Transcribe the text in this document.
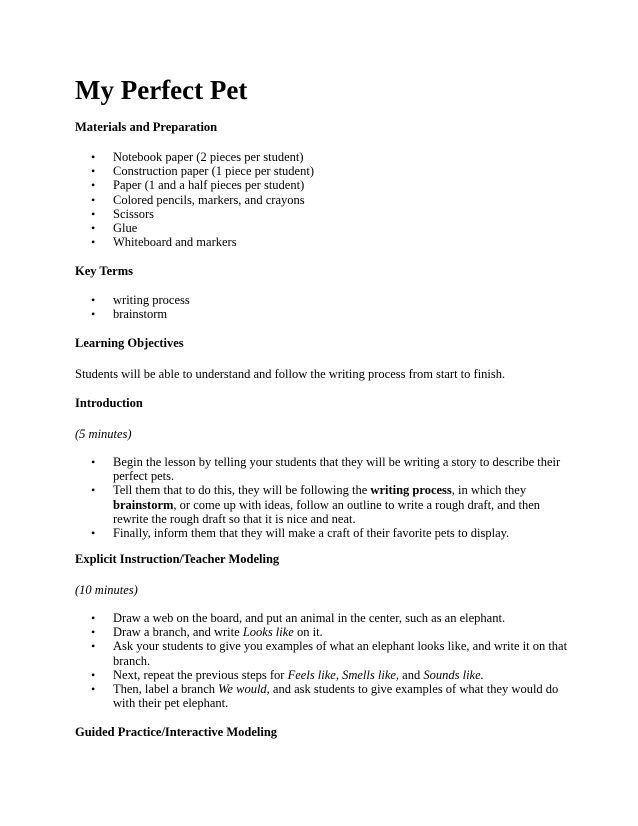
My Perfect Pet

Materials and Preparation

• Notebook paper (2 pieces per student)
• Construction paper (1 piece per student)
• Paper (1 and a half pieces per student)
• Colored pencils, markers, and crayons
• Scissors
• Glue
• Whiteboard and markers

Key Terms

• writing process
• brainstorm

Learning Objectives

Students will be able to understand and follow the writing process from start to finish.

Introduction

(5 minutes)

• Begin the lesson by telling your students that they will be writing a story to describe their perfect pets.
• Tell them that to do this, they will be following the writing process, in which they brainstorm, or come up with ideas, follow an outline to write a rough draft, and then rewrite the rough draft so that it is nice and neat.
• Finally, inform them that they will make a craft of their favorite pets to display.

Explicit Instruction/Teacher Modeling

(10 minutes)

• Draw a web on the board, and put an animal in the center, such as an elephant.
• Draw a branch, and write Looks like on it.
• Ask your students to give you examples of what an elephant looks like, and write it on that branch.
• Next, repeat the previous steps for Feels like, Smells like, and Sounds like.
• Then, label a branch We would, and ask students to give examples of what they would do with their pet elephant.

Guided Practice/Interactive Modeling
